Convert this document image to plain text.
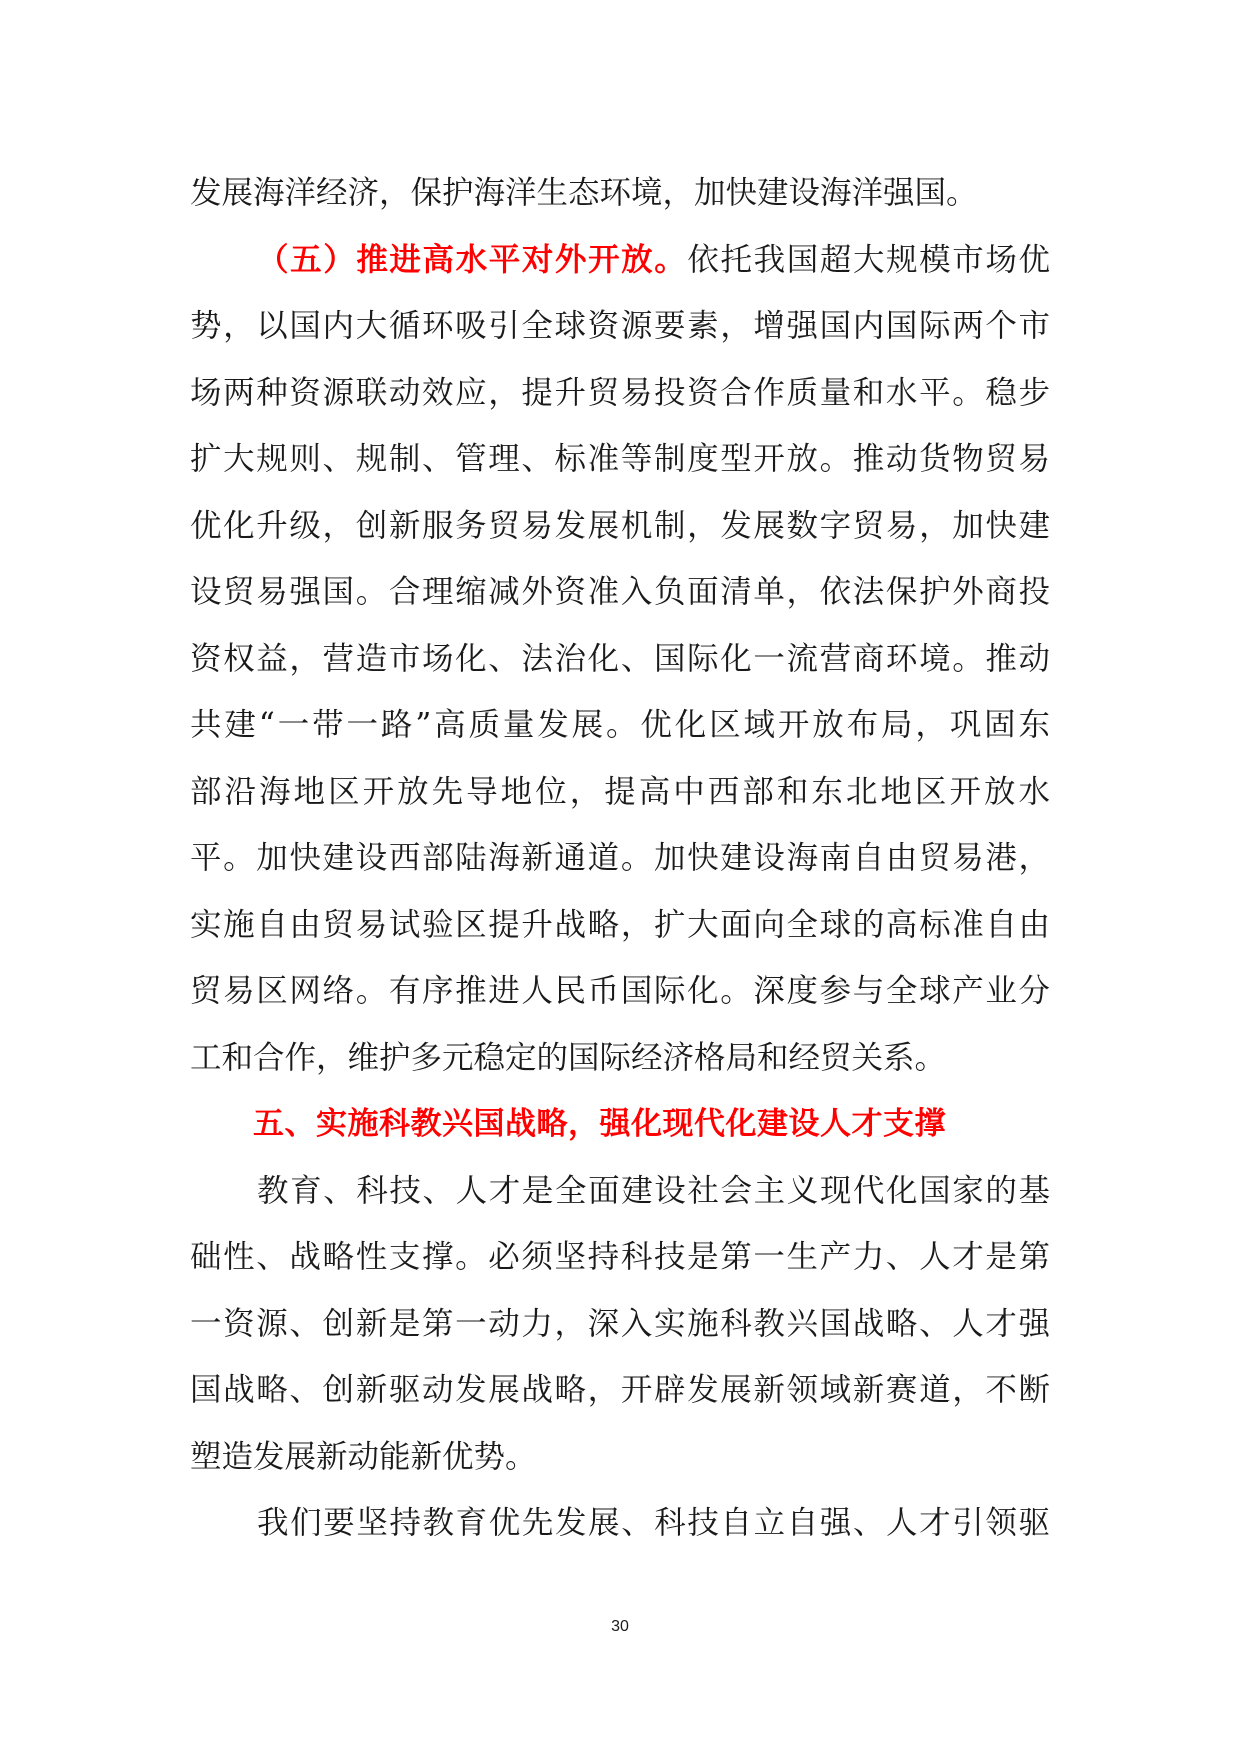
发展海洋经济，保护海洋生态环境，加快建设海洋强国。
（五）推进高水平对外开放。依托我国超大规模市场优
势，以国内大循环吸引全球资源要素，增强国内国际两个市
场两种资源联动效应，提升贸易投资合作质量和水平。稳步
扩大规则、规制、管理、标准等制度型开放。推动货物贸易
优化升级，创新服务贸易发展机制，发展数字贸易，加快建
设贸易强国。合理缩减外资准入负面清单，依法保护外商投
资权益，营造市场化、法治化、国际化一流营商环境。推动
共建“一带一路”高质量发展。优化区域开放布局，巩固东
部沿海地区开放先导地位，提高中西部和东北地区开放水
平。加快建设西部陆海新通道。加快建设海南自由贸易港，
实施自由贸易试验区提升战略，扩大面向全球的高标准自由
贸易区网络。有序推进人民币国际化。深度参与全球产业分
工和合作，维护多元稳定的国际经济格局和经贸关系。
五、实施科教兴国战略，强化现代化建设人才支撑
教育、科技、人才是全面建设社会主义现代化国家的基
础性、战略性支撑。必须坚持科技是第一生产力、人才是第
一资源、创新是第一动力，深入实施科教兴国战略、人才强
国战略、创新驱动发展战略，开辟发展新领域新赛道，不断
塑造发展新动能新优势。
我们要坚持教育优先发展、科技自立自强、人才引领驱
30
